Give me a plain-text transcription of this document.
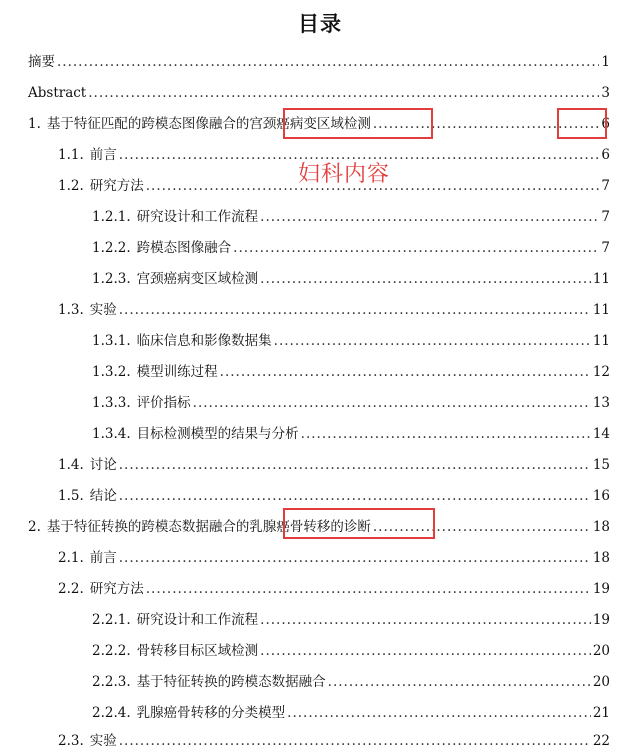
目录
摘要 .....	1
Abstract .....	3
1. 基于特征匹配的跨模态图像融合的宫颈癌病变区域检测 .....	6
1.1. 前言 .....	6
1.2. 研究方法 .....	7
1.2.1. 研究设计和工作流程 .....	7
1.2.2. 跨模态图像融合 .....	7
1.2.3. 宫颈癌病变区域检测 .....	11
1.3. 实验 .....	11
1.3.1. 临床信息和影像数据集 .....	11
1.3.2. 模型训练过程 .....	12
1.3.3. 评价指标 .....	13
1.3.4. 目标检测模型的结果与分析 .....	14
1.4. 讨论 .....	15
1.5. 结论 .....	16
2. 基于特征转换的跨模态数据融合的乳腺癌骨转移的诊断 .....	18
2.1. 前言 .....	18
2.2. 研究方法 .....	19
2.2.1. 研究设计和工作流程 .....	19
2.2.2. 骨转移目标区域检测 .....	20
2.2.3. 基于特征转换的跨模态数据融合 .....	20
2.2.4. 乳腺癌骨转移的分类模型 .....	21
2.3. 实验 .....	22
妇科内容
